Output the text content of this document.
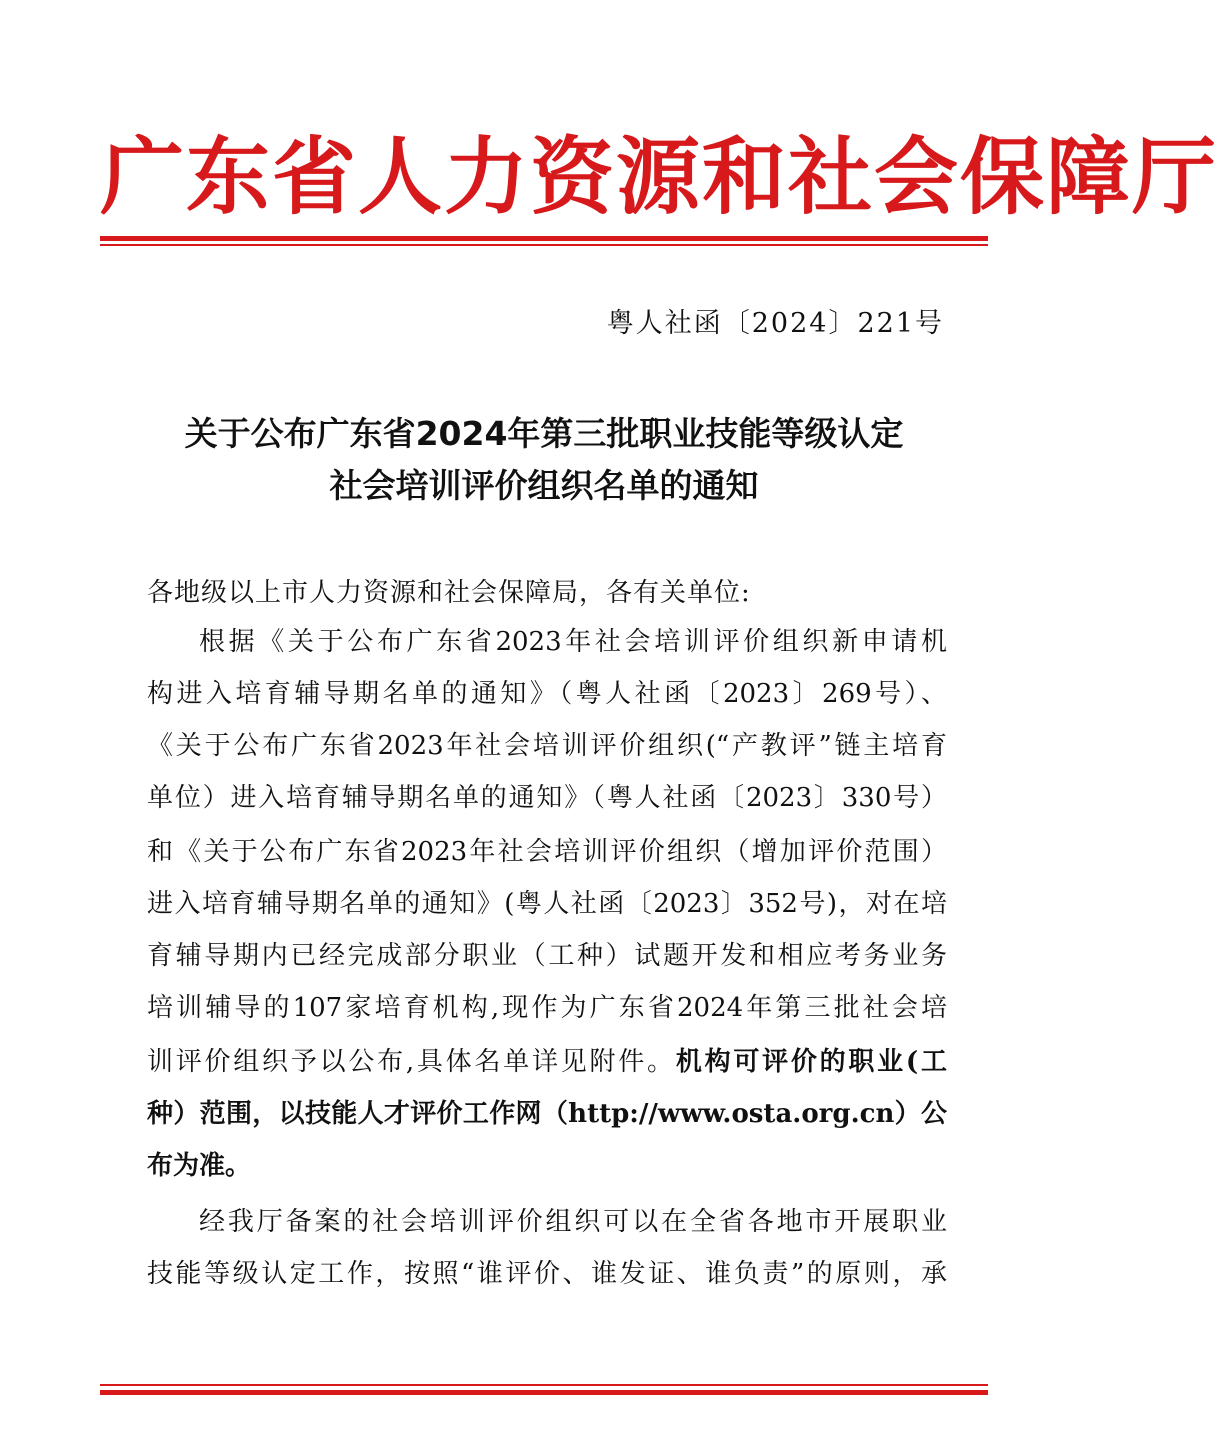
广东省人力资源和社会保障厅
粤人社函〔2024〕221号
关于公布广东省2024年第三批职业技能等级认定
社会培训评价组织名单的通知
各地级以上市人力资源和社会保障局，各有关单位:
根据《关于公布广东省2023年社会培训评价组织新申请机
构进入培育辅导期名单的通知》（粤人社函〔2023〕269号）、
《关于公布广东省2023年社会培训评价组织(“产教评”链主培育
单位）进入培育辅导期名单的通知》（粤人社函〔2023〕330号）
和《关于公布广东省2023年社会培训评价组织（增加评价范围）
进入培育辅导期名单的通知》(粤人社函〔2023〕352号)，对在培
育辅导期内已经完成部分职业（工种）试题开发和相应考务业务
培训辅导的107家培育机构,现作为广东省2024年第三批社会培
训评价组织予以公布,具体名单详见附件。机构可评价的职业(工
种）范围，以技能人才评价工作网（http://www.osta.org.cn）公
布为准。
经我厅备案的社会培训评价组织可以在全省各地市开展职业
技能等级认定工作，按照“谁评价、谁发证、谁负责”的原则，承
